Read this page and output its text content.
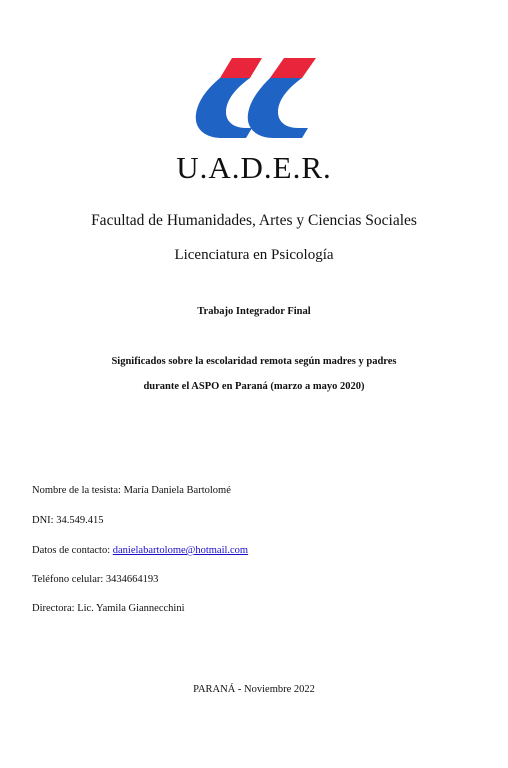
U.A.D.E.R.
Facultad de Humanidades, Artes y Ciencias Sociales
Licenciatura en Psicología
Trabajo Integrador Final
Significados sobre la escolaridad remota según madres y padres
durante el ASPO en Paraná (marzo a mayo 2020)
Nombre de la tesista: María Daniela Bartolomé
DNI: 34.549.415
Datos de contacto: danielabartolome@hotmail.com
Teléfono celular: 3434664193
Directora: Lic. Yamila Giannecchini
PARANÁ - Noviembre 2022
